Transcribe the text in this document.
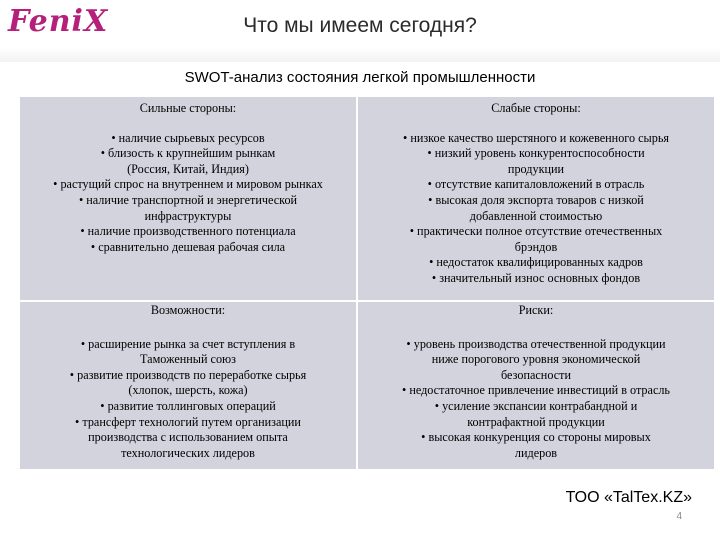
FeniX	Что мы имеем сегодня?
SWOT-анализ состояния легкой промышленности
Сильные стороны:
• наличие сырьевых ресурсов
• близость к крупнейшим рынкам
(Россия, Китай, Индия)
• растущий спрос на внутреннем и мировом рынках
• наличие транспортной и энергетической
инфраструктуры
• наличие производственного потенциала
• сравнительно дешевая рабочая сила
Слабые стороны:
• низкое качество шерстяного и кожевенного сырья
• низкий уровень конкурентоспособности
продукции
• отсутствие капиталовложений в отрасль
• высокая доля экспорта товаров с низкой
добавленной стоимостью
• практически полное отсутствие отечественных
брэндов
• недостаток квалифицированных кадров
• значительный износ основных фондов
Возможности:
• расширение рынка за счет вступления в
Таможенный союз
• развитие производств по переработке сырья
(хлопок, шерсть, кожа)
• развитие толлинговых операций
• трансферт технологий путем организации
производства с использованием опыта
технологических лидеров
Риски:
• уровень производства отечественной продукции
ниже порогового уровня экономической
безопасности
• недостаточное привлечение инвестиций в отрасль
• усиление экспансии контрабандной и
контрафактной продукции
• высокая конкуренция со стороны мировых
лидеров
ТОО «TalTex.KZ»
4
